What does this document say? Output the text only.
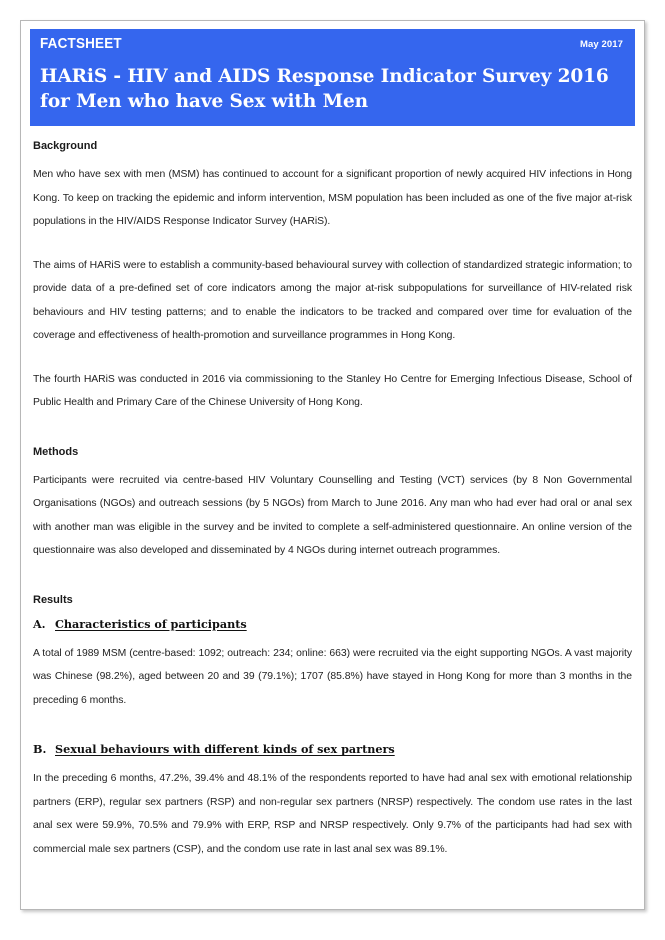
FACTSHEET	May 2017
HARiS - HIV and AIDS Response Indicator Survey 2016 for Men who have Sex with Men
Background

Men who have sex with men (MSM) has continued to account for a significant proportion of newly acquired HIV infections in Hong Kong. To keep on tracking the epidemic and inform intervention, MSM population has been included as one of the five major at-risk populations in the HIV/AIDS Response Indicator Survey (HARiS).

The aims of HARiS were to establish a community-based behavioural survey with collection of standardized strategic information; to provide data of a pre-defined set of core indicators among the major at-risk subpopulations for surveillance of HIV-related risk behaviours and HIV testing patterns; and to enable the indicators to be tracked and compared over time for evaluation of the coverage and effectiveness of health-promotion and surveillance programmes in Hong Kong.

The fourth HARiS was conducted in 2016 via commissioning to the Stanley Ho Centre for Emerging Infectious Disease, School of Public Health and Primary Care of the Chinese University of Hong Kong.

Methods

Participants were recruited via centre-based HIV Voluntary Counselling and Testing (VCT) services (by 8 Non Governmental Organisations (NGOs) and outreach sessions (by 5 NGOs) from March to June 2016. Any man who had ever had oral or anal sex with another man was eligible in the survey and be invited to complete a self-administered questionnaire. An online version of the questionnaire was also developed and disseminated by 4 NGOs during internet outreach programmes.

Results
A. Characteristics of participants

A total of 1989 MSM (centre-based: 1092; outreach: 234; online: 663) were recruited via the eight supporting NGOs. A vast majority was Chinese (98.2%), aged between 20 and 39 (79.1%); 1707 (85.8%) have stayed in Hong Kong for more than 3 months in the preceding 6 months.

B. Sexual behaviours with different kinds of sex partners

In the preceding 6 months, 47.2%, 39.4% and 48.1% of the respondents reported to have had anal sex with emotional relationship partners (ERP), regular sex partners (RSP) and non-regular sex partners (NRSP) respectively. The condom use rates in the last anal sex were 59.9%, 70.5% and 79.9% with ERP, RSP and NRSP respectively. Only 9.7% of the participants had had sex with commercial male sex partners (CSP), and the condom use rate in last anal sex was 89.1%.
